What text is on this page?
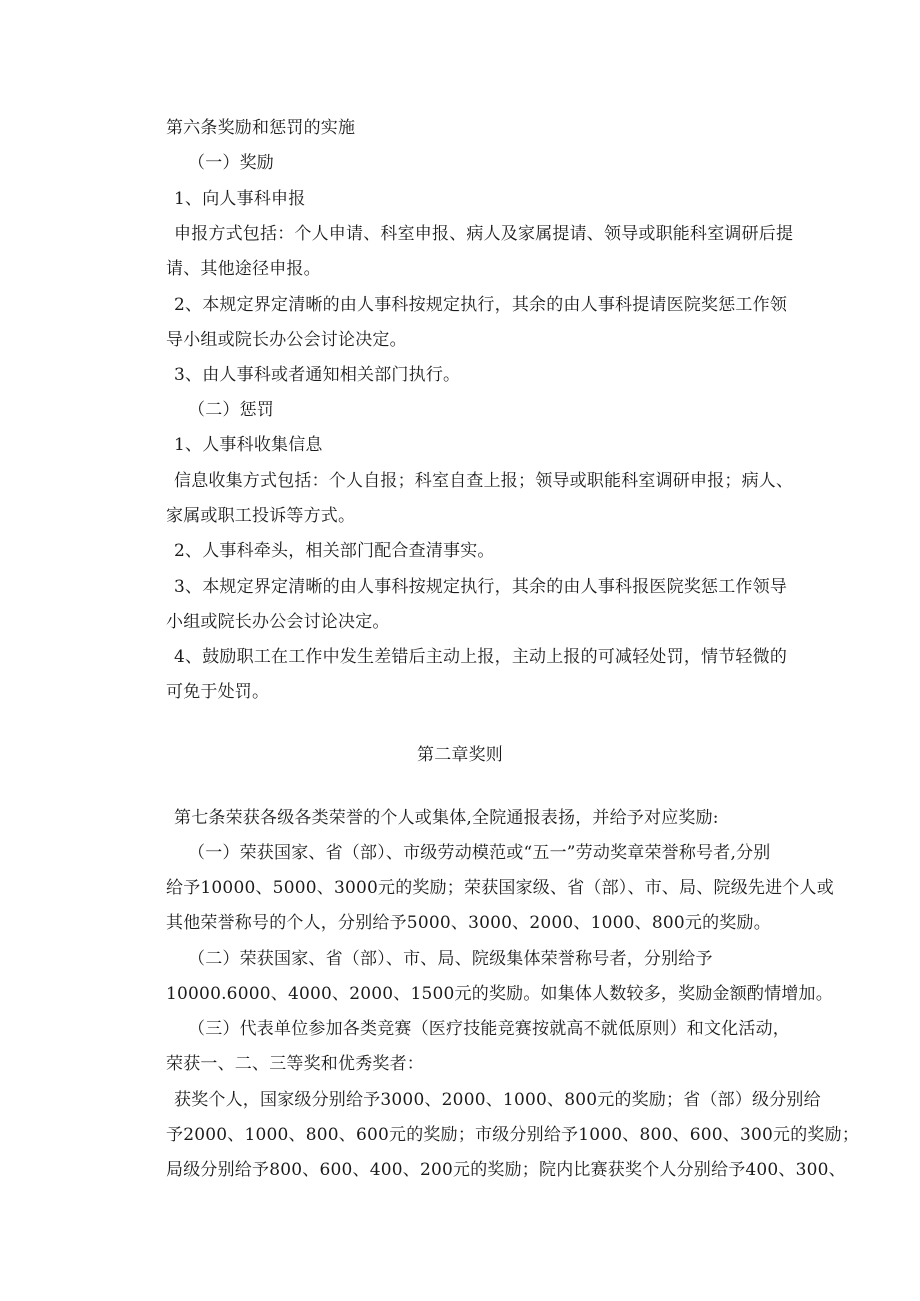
第六条奖励和惩罚的实施
（一）奖励
1、向人事科申报
申报方式包括：个人申请、科室申报、病人及家属提请、领导或职能科室调研后提
请、其他途径申报。
2、本规定界定清晰的由人事科按规定执行，其余的由人事科提请医院奖惩工作领
导小组或院长办公会讨论决定。
3、由人事科或者通知相关部门执行。
（二）惩罚
1、人事科收集信息
信息收集方式包括：个人自报；科室自查上报；领导或职能科室调研申报；病人、
家属或职工投诉等方式。
2、人事科牵头，相关部门配合查清事实。
3、本规定界定清晰的由人事科按规定执行，其余的由人事科报医院奖惩工作领导
小组或院长办公会讨论决定。
4、鼓励职工在工作中发生差错后主动上报，主动上报的可减轻处罚，情节轻微的
可免于处罚。
第二章奖则
第七条荣获各级各类荣誉的个人或集体,全院通报表扬，并给予对应奖励:
（一）荣获国家、省（部）、市级劳动模范或“五一”劳动奖章荣誉称号者,分别
给予10000、5000、3000元的奖励；荣获国家级、省（部）、市、局、院级先进个人或
其他荣誉称号的个人，分别给予5000、3000、2000、1000、800元的奖励。
（二）荣获国家、省（部）、市、局、院级集体荣誉称号者，分别给予
10000.6000、4000、2000、1500元的奖励。如集体人数较多，奖励金额酌情增加。
（三）代表单位参加各类竞赛（医疗技能竞赛按就高不就低原则）和文化活动，
荣获一、二、三等奖和优秀奖者：
获奖个人，国家级分别给予3000、2000、1000、800元的奖励；省（部）级分别给
予2000、1000、800、600元的奖励；市级分别给予1000、800、600、300元的奖励；
局级分别给予800、600、400、200元的奖励；院内比赛获奖个人分别给予400、300、
